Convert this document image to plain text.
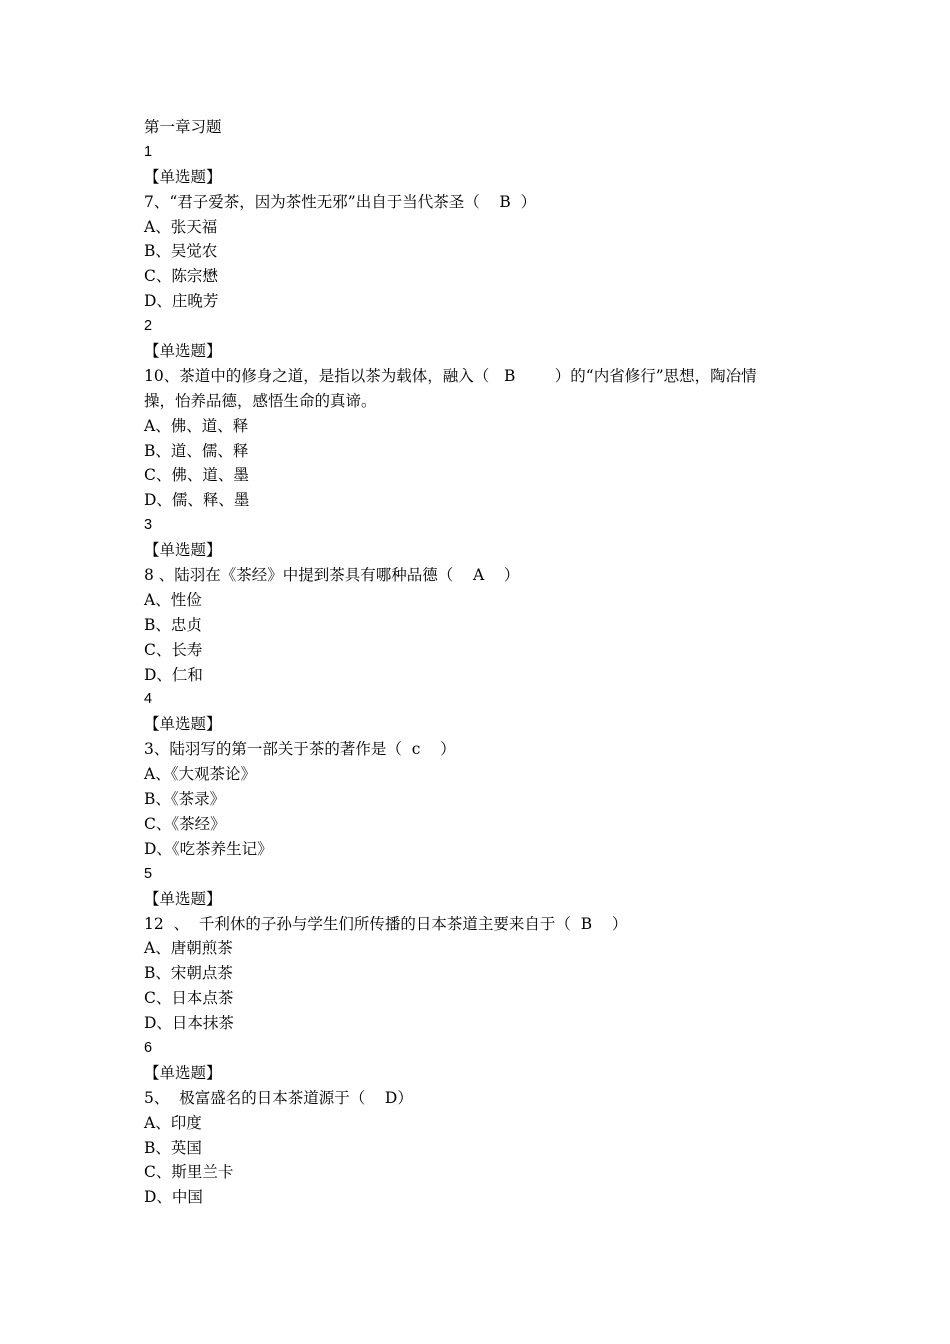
第一章习题
1
【单选题】
7、“君子爱茶，因为茶性无邪”出自于当代茶圣（    B  ）
A、张天福
B、吴觉农
C、陈宗懋
D、庄晚芳
2
【单选题】
10、茶道中的修身之道，是指以茶为载体，融入（   B        ）的“内省修行”思想，陶冶情
操，怡养品德，感悟生命的真谛。
A、佛、道、释
B、道、儒、释
C、佛、道、墨
D、儒、释、墨
3
【单选题】
8 、陆羽在《茶经》中提到茶具有哪种品德（    A    ）
A、性俭
B、忠贞
C、长寿
D、仁和
4
【单选题】
3、陆羽写的第一部关于茶的著作是（  c    ）
A、《大观茶论》
B、《茶录》
C、《茶经》
D、《吃茶养生记》
5
【单选题】
12  、  千利休的子孙与学生们所传播的日本茶道主要来自于（  B    ）
A、唐朝煎茶
B、宋朝点茶
C、日本点茶
D、日本抹茶
6
【单选题】
5、  极富盛名的日本茶道源于（    D）
A、印度
B、英国
C、斯里兰卡
D、中国
